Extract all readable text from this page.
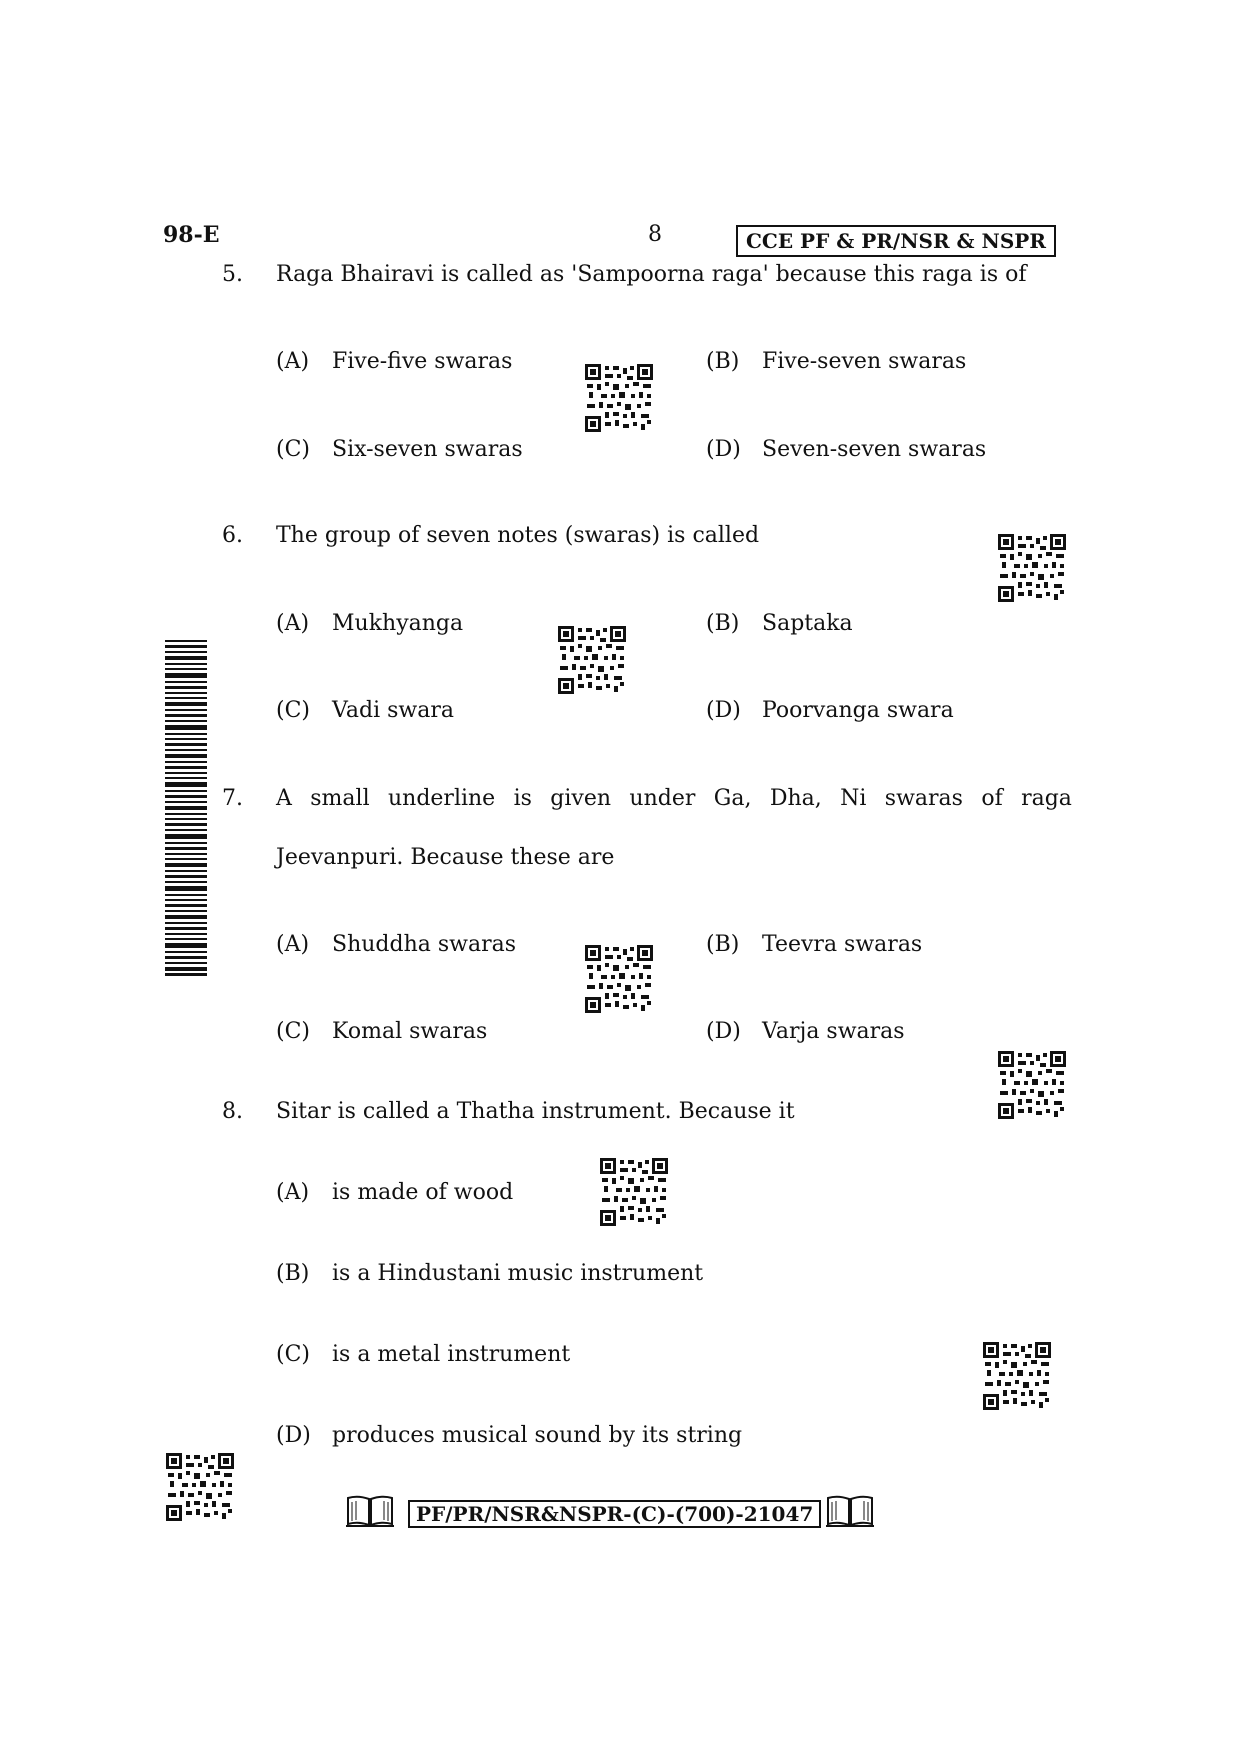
98-E	8	CCE PF & PR/NSR & NSPR
5. Raga Bhairavi is called as 'Sampoorna raga' because this raga is of
(A) Five-five swaras	(B) Five-seven swaras
(C) Six-seven swaras	(D) Seven-seven swaras
6. The group of seven notes (swaras) is called
(A) Mukhyanga	(B) Saptaka
(C) Vadi swara	(D) Poorvanga swara
7. A small underline is given under Ga, Dha, Ni swaras of raga
Jeevanpuri. Because these are
(A) Shuddha swaras	(B) Teevra swaras
(C) Komal swaras	(D) Varja swaras
8. Sitar is called a Thatha instrument. Because it
(A) is made of wood
(B) is a Hindustani music instrument
(C) is a metal instrument
(D) produces musical sound by its string
PF/PR/NSR&NSPR-(C)-(700)-21047
